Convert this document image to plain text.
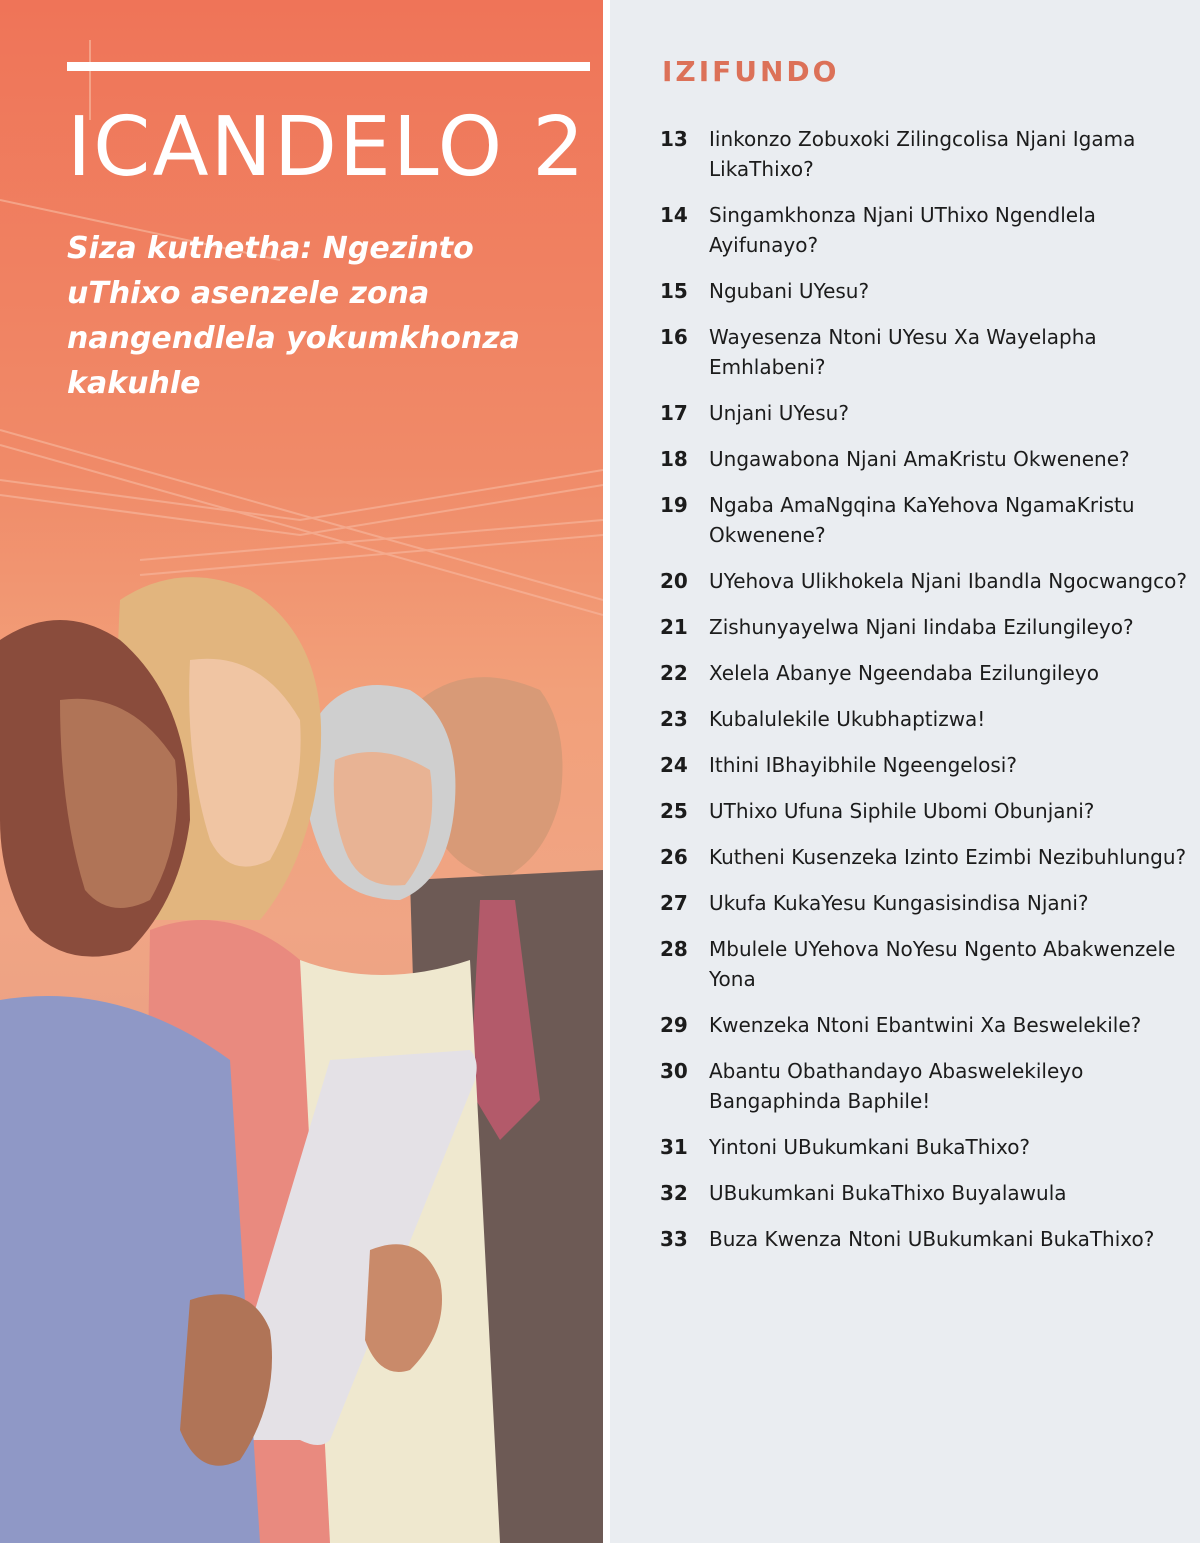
ICANDELO 2

Siza kuthetha: Ngezinto uThixo asenzele zona nangendlela yokumkhonza kakuhle

IZIFUNDO
13	Iinkonzo Zobuxoki Zilingcolisa Njani Igama LikaThixo?
14	Singamkhonza Njani UThixo Ngendlela Ayifunayo?
15	Ngubani UYesu?
16	Wayesenza Ntoni UYesu Xa Wayelapha Emhlabeni?
17	Unjani UYesu?
18	Ungawabona Njani AmaKristu Okwenene?
19	Ngaba AmaNgqina KaYehova NgamaKristu Okwenene?
20	UYehova Ulikhokela Njani Ibandla Ngocwangco?
21	Zishunyayelwa Njani Iindaba Ezilungileyo?
22	Xelela Abanye Ngeendaba Ezilungileyo
23	Kubalulekile Ukubhaptizwa!
24	Ithini IBhayibhile Ngeengelosi?
25	UThixo Ufuna Siphile Ubomi Obunjani?
26	Kutheni Kusenzeka Izinto Ezimbi Nezibuhlungu?
27	Ukufa KukaYesu Kungasisindisa Njani?
28	Mbulele UYehova NoYesu Ngento Abakwenzele Yona
29	Kwenzeka Ntoni Ebantwini Xa Beswelekile?
30	Abantu Obathandayo Abaswelekileyo Bangaphinda Baphile!
31	Yintoni UBukumkani BukaThixo?
32	UBukumkani BukaThixo Buyalawula
33	Buza Kwenza Ntoni UBukumkani BukaThixo?
